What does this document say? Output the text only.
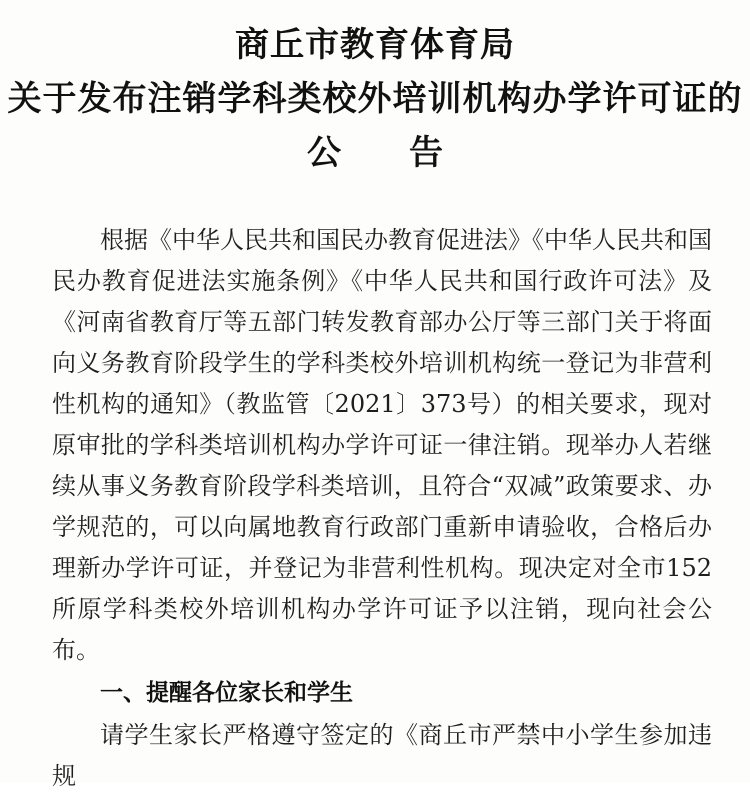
商丘市教育体育局
关于发布注销学科类校外培训机构办学许可证的
公告

根据《中华人民共和国民办教育促进法》《中华人民共和国民办教育促进法实施条例》《中华人民共和国行政许可法》及《河南省教育厅等五部门转发教育部办公厅等三部门关于将面向义务教育阶段学生的学科类校外培训机构统一登记为非营利性机构的通知》（教监管〔2021〕373号）的相关要求，现对原审批的学科类培训机构办学许可证一律注销。现举办人若继续从事义务教育阶段学科类培训，且符合“双减”政策要求、办学规范的，可以向属地教育行政部门重新申请验收，合格后办理新办学许可证，并登记为非营利性机构。现决定对全市152所原学科类校外培训机构办学许可证予以注销，现向社会公布。

一、提醒各位家长和学生

请学生家长严格遵守签定的《商丘市严禁中小学生参加违规
